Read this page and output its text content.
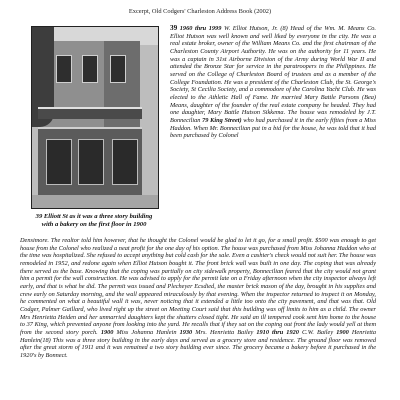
Excerpt, Old Codgers' Charleston Address Book (2002)
39 Elliott St as it was a three story building
with a bakery on the first floor in 1900
39 1960 thru 1999 W. Elliot Hutson, Jr. (8) Head of the Wm. M. Means Co. Elliot Hutson was well known and well liked by everyone in the city. He was a real estate broker, owner of the William Means Co. and the first chairman of the Charleston County Airport Authority. He was on the authority for 11 years. He was a captain in 31st Airborne Division of the Army during World War II and attended the Bronze Star for service in the paratroopers in the Philippines. He served on the College of Charleston Board of trustees and as a member of the College Foundation. He was a president of the Charleston Club, the St. George's Society, St Cecilia Society, and a commodore of the Carolina Yacht Club. He was elected to the Athletic Hall of Fame. He married Mary Battle Parsons (Bea) Means, daughter of the founder of the real estate company he headed. They had one daughter, Mary Battle Hutson Sikkema. The house was remodeled by J.T. Bonnecilian 79 King Street) who had purchased it in the early fifties from a Miss Haddon. When Mr. Bonnecilian put in a bid for the house, he was told that it had been purchased by Colonel
Densimore. The realtor told him however, that he thought the Colonel would be glad to let it go, for a small profit. $500 was enough to get house from the Colonel who realized a neat profit for the one day of his option. The house was purchased from Miss Johanna Haddon who at the time was hospitalized. She refused to accept anything but cold cash for the sale. Even a cashier's check would not suit her. The house was remodeled in 1952, and redone again when Elliot Hutson bought it. The front brick wall was built in one day. The coping that was already there served as the base. Knowing that the coping was partially on city sidewalk property, Bonnecilian feared that the city would not grant him a permit for the wall construction. He was advised to apply for the permit late on a Friday afternoon when the city inspector always left early, and that is what he did. The permit was issued and Plecheyer Ecsdied, the master brick mason of the day, brought in his supplies and crew early on Saturday morning, and the wall appeared miraculously by that evening. When the inspector returned to inspect it on Monday, he commented on what a beautiful wall it was, never noticing that it extended a little too onto the city pavement, and that was that. Old Codger, Palmer Gaillard, who lived right up the street on Meeting Court said that this building was off limits to him as a child. The owner Mrs Henrietta Heiden and her unmarried daughters kept the shutters closed tight. He said an ill tempered cook sent him home to the house to 37 King, which prevented anyone from looking into the yard. He recalls that if they sat on the coping out front the lady would yell at them from the second story porch. 1900 Miss Johanna Hanlein 1930 Mrs. Henrietta Bailey 1910 thru 1920 C.W. Bailey 1900 Henrietta Hanlein(18) This was a three story building in the early days and served as a grocery store and residence. The ground floor was removed after the great storm of 1911 and it was remained a two story building ever since. The grocery became a bakery before it purchased in the 1920's by Bonnect.
